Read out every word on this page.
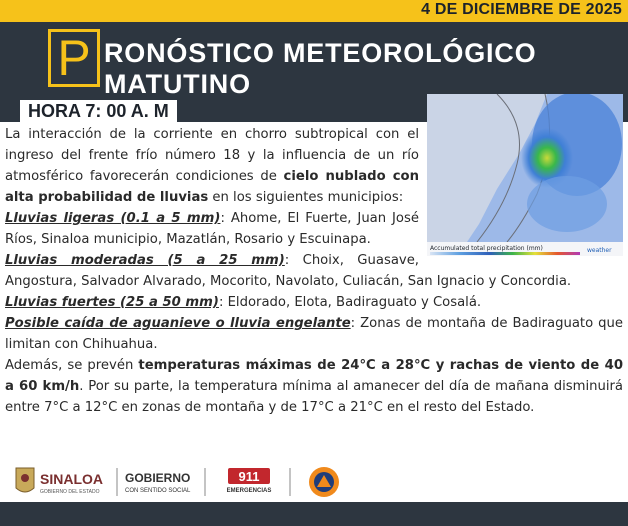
4 DE DICIEMBRE DE 2025
P RONÓSTICO METEOROLÓGICO
MATUTINO
HORA 7: 00 A. M
Accumulated total precipitation (mm)	weather

La interacción de la corriente en chorro subtropical con el ingreso del frente frío número 18 y la influencia de un río atmosférico favorecerán condiciones de cielo nublado con alta probabilidad de lluvias en los siguientes municipios:

Lluvias ligeras (0.1 a 5 mm): Ahome, El Fuerte, Juan José Ríos, Sinaloa municipio, Mazatlán, Rosario y Escuinapa.

Lluvias moderadas (5 a 25 mm): Choix, Guasave, Angostura, Salvador Alvarado, Mocorito, Navolato, Culiacán, San Ignacio y Concordia.

Lluvias fuertes (25 a 50 mm): Eldorado, Elota, Badiraguato y Cosalá.

Posible caída de aguanieve o lluvia engelante: Zonas de montaña de Badiraguato que limitan con Chihuahua.

Además, se prevén temperaturas máximas de 24°C a 28°C y rachas de viento de 40 a 60 km/h. Por su parte, la temperatura mínima al amanecer del día de mañana disminuirá entre 7°C a 12°C en zonas de montaña y de 17°C a 21°C en el resto del Estado.

SINALOA
GOBIERNO DEL ESTADO
GOBIERNO
CON SENTIDO SOCIAL
911
EMERGENCIAS
